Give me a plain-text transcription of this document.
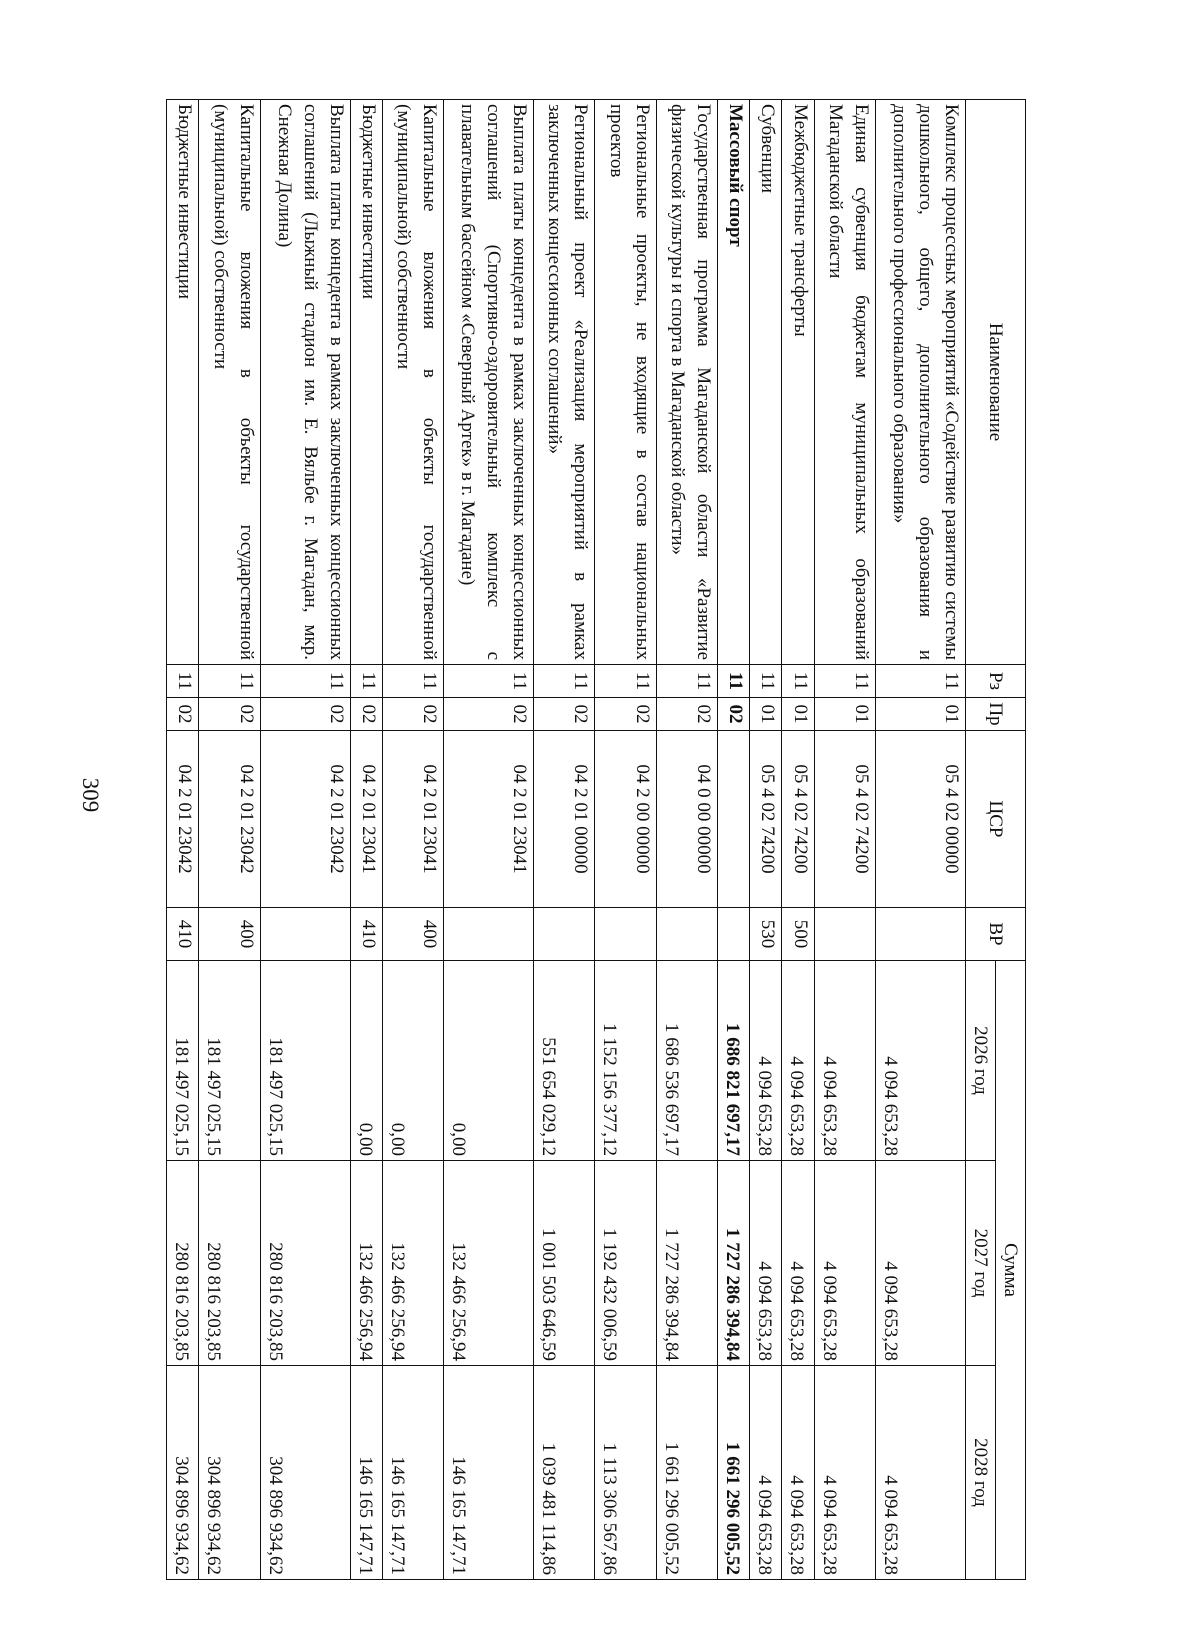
309
Наименование	Рз	Пр	ЦСР	ВР	Сумма		
					2026 год	2027 год	2028 год
Комплекс процессных мероприятий «Содействие развитию системы дошкольного, общего, дополнительного образования и дополнительного профессионального образования»	11	01	05 4 02 00000		4 094 653,28	4 094 653,28	4 094 653,28
Единая субвенция бюджетам муниципальных образований Магаданской области	11	01	05 4 02 74200		4 094 653,28	4 094 653,28	4 094 653,28
Межбюджетные трансферты	11	01	05 4 02 74200	500	4 094 653,28	4 094 653,28	4 094 653,28
Субвенции	11	01	05 4 02 74200	530	4 094 653,28	4 094 653,28	4 094 653,28
Массовый спорт	11	02			1 686 821 697,17	1 727 286 394,84	1 661 296 005,52
Государственная программа Магаданской области «Развитие физической культуры и спорта в Магаданской области»	11	02	04 0 00 00000		1 686 536 697,17	1 727 286 394,84	1 661 296 005,52
Региональные проекты, не входящие в состав национальных проектов	11	02	04 2 00 00000		1 152 156 377,12	1 192 432 006,59	1 113 306 567,86
Региональный проект «Реализация мероприятий в рамках заключенных концессионных соглашений»	11	02	04 2 01 00000		551 654 029,12	1 001 503 646,59	1 039 481 114,86
Выплата платы концедента в рамках заключенных концессионных соглашений (Спортивно-оздоровительный комплекс с плавательным бассейном «Северный Артек» в г. Магадане)	11	02	04 2 01 23041		0,00	132 466 256,94	146 165 147,71
Капитальные вложения в объекты государственной (муниципальной) собственности	11	02	04 2 01 23041	400	0,00	132 466 256,94	146 165 147,71
Бюджетные инвестиции	11	02	04 2 01 23041	410	0,00	132 466 256,94	146 165 147,71
Выплата платы концедента в рамках заключенных концессионных соглашений (Лыжный стадион им. Е. Вяльбе г. Магадан, мкр. Снежная Долина)	11	02	04 2 01 23042		181 497 025,15	280 816 203,85	304 896 934,62
Капитальные вложения в объекты государственной (муниципальной) собственности	11	02	04 2 01 23042	400	181 497 025,15	280 816 203,85	304 896 934,62
Бюджетные инвестиции	11	02	04 2 01 23042	410	181 497 025,15	280 816 203,85	304 896 934,62
